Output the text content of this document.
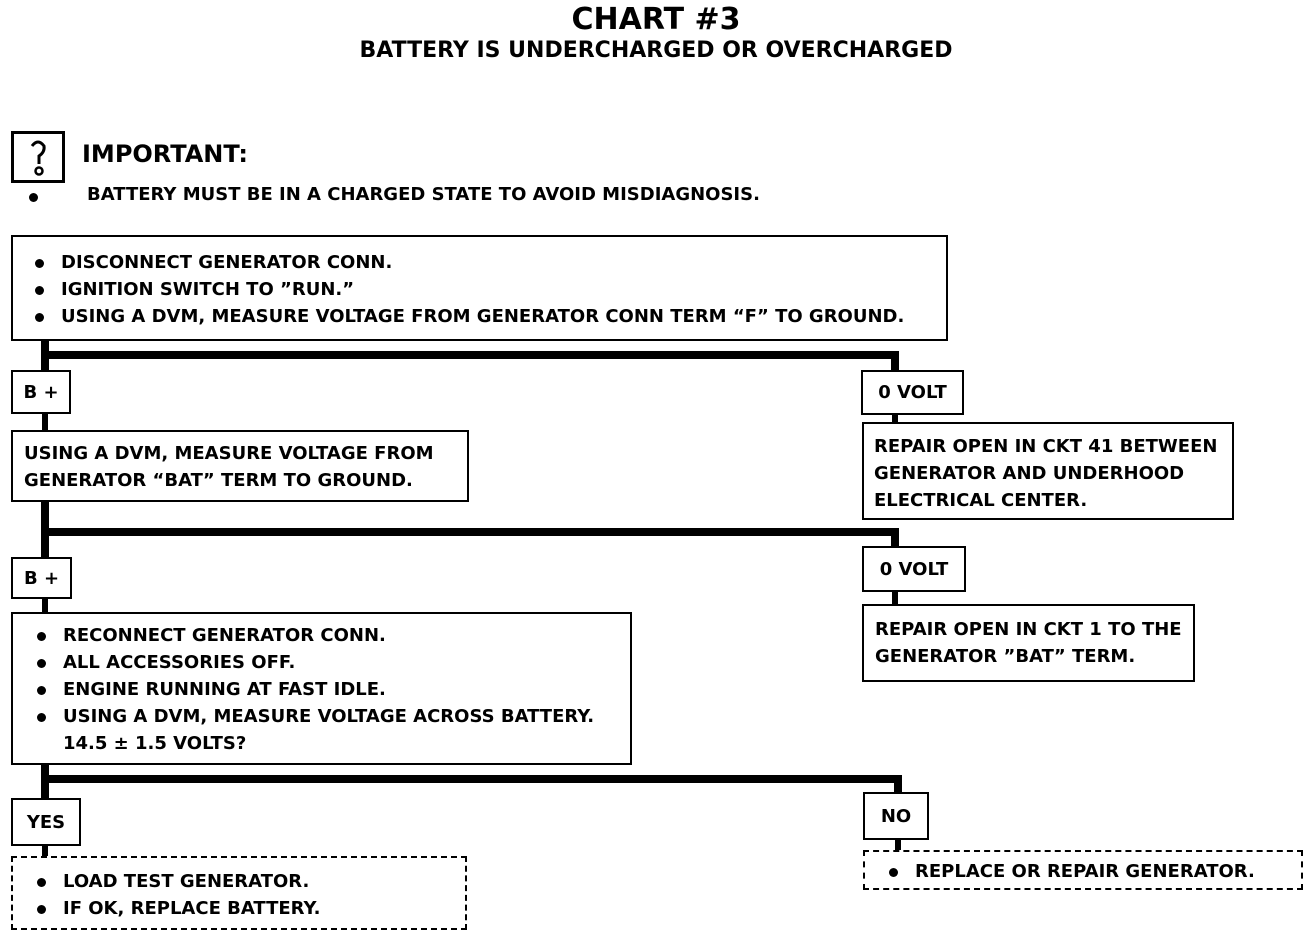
CHART #3
BATTERY IS UNDERCHARGED OR OVERCHARGED
IMPORTANT:
BATTERY MUST BE IN A CHARGED STATE TO AVOID MISDIAGNOSIS.
DISCONNECT GENERATOR CONN.
IGNITION SWITCH TO ”RUN.”
USING A DVM, MEASURE VOLTAGE FROM GENERATOR CONN TERM “F” TO GROUND.
B +	0 VOLT
USING A DVM, MEASURE VOLTAGE FROM
GENERATOR “BAT” TERM TO GROUND.
REPAIR OPEN IN CKT 41 BETWEEN
GENERATOR AND UNDERHOOD
ELECTRICAL CENTER.
B +	0 VOLT
REPAIR OPEN IN CKT 1 TO THE
GENERATOR ”BAT” TERM.
RECONNECT GENERATOR CONN.
ALL ACCESSORIES OFF.
ENGINE RUNNING AT FAST IDLE.
USING A DVM, MEASURE VOLTAGE ACROSS BATTERY.
14.5 ± 1.5 VOLTS?
YES	NO
LOAD TEST GENERATOR.
IF OK, REPLACE BATTERY.
REPLACE OR REPAIR GENERATOR.
